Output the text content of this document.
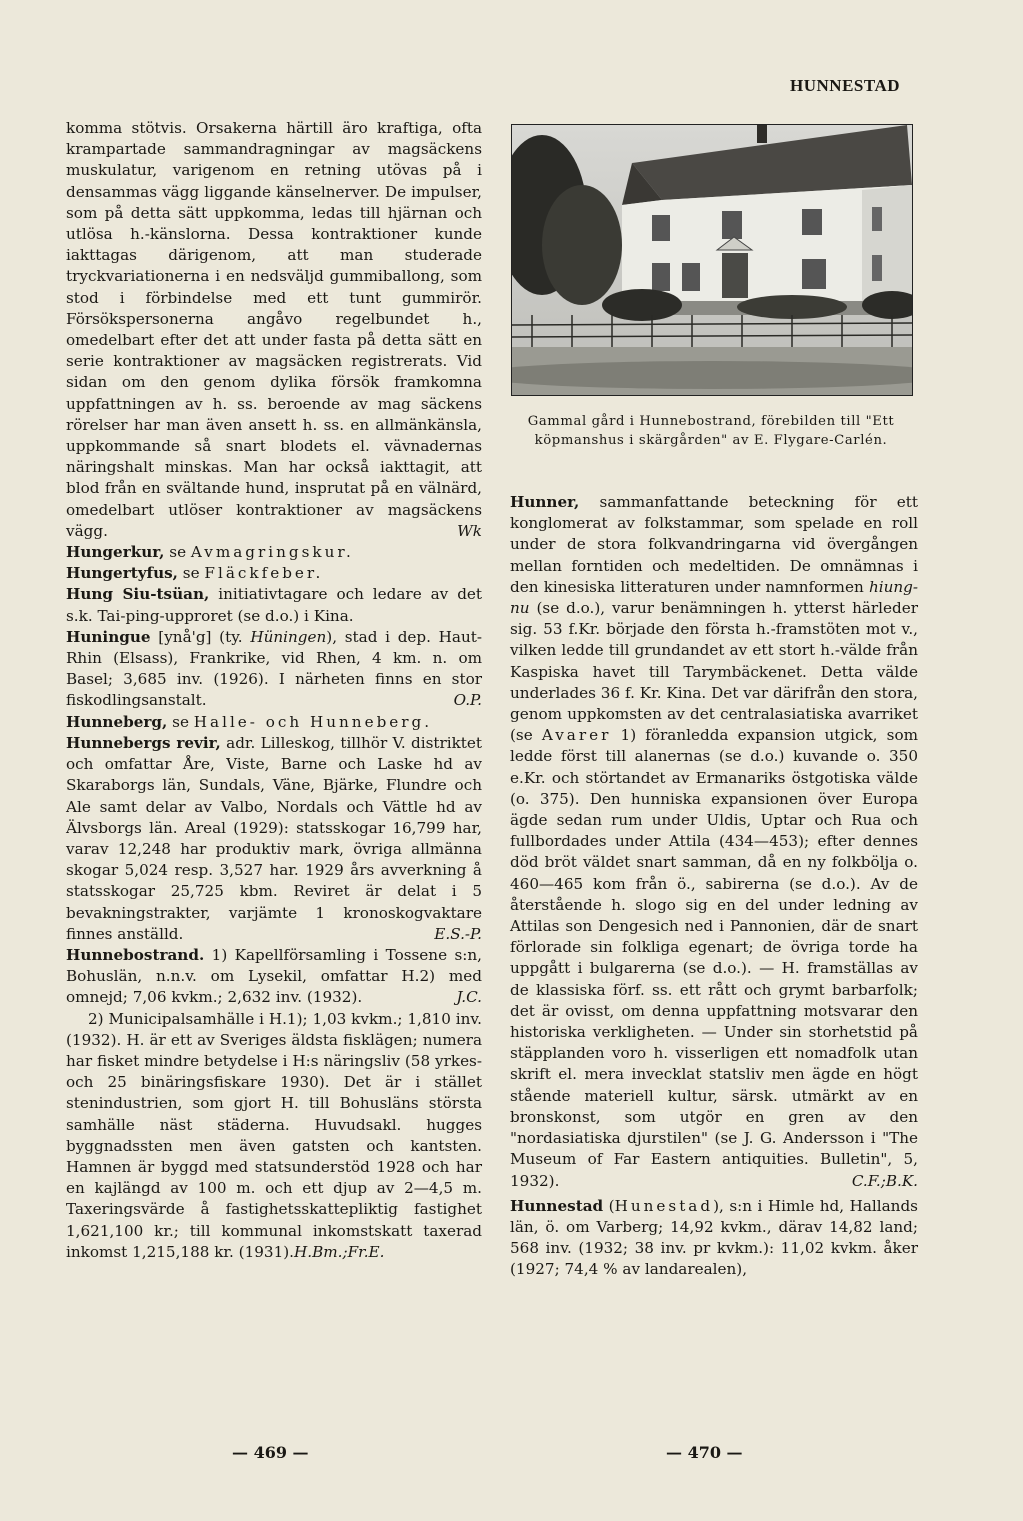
HUNNESTAD

komma stötvis. Orsakerna härtill äro kraftiga, ofta krampartade sammandragningar av magsäckens muskulatur, varigenom en retning utövas på i densammas vägg liggande känselnerver. De impulser, som på detta sätt uppkomma, ledas till hjärnan och utlösa h.-känslorna. Dessa kontraktioner kunde iakttagas därigenom, att man studerade tryckvariationerna i en nedsväljd gummiballong, som stod i förbindelse med ett tunt gummirör. Försökspersonerna angåvo regelbundet h., omedelbart efter det att under fasta på detta sätt en serie kontraktioner av magsäcken registrerats. Vid sidan om den genom dylika försök framkomna uppfattningen av h. ss. beroende av mag säckens rörelser har man även ansett h. ss. en allmänkänsla, uppkommande så snart blodets el. vävnadernas näringshalt minskas. Man har också iakttagit, att blod från en svältande hund, insprutat på en välnärd, omedelbart utlöser kontraktioner av magsäckens vägg.	Wk

Hungerkur, se Avmagringskur.

Hungertyfus, se Fläckfeber.

Hung Siu-tsüan, initiativtagare och ledare av det s.k. Tai-ping-upproret (se d.o.) i Kina.

Huningue [ynå'g] (ty. Hüningen), stad i dep. Haut-Rhin (Elsass), Frankrike, vid Rhen, 4 km. n. om Basel; 3,685 inv. (1926). I närheten finns en stor fiskodlingsanstalt.	O.P.

Hunneberg, se Halle- och Hunneberg.

Hunnebergs revir, adr. Lilleskog, tillhör V. distriktet och omfattar Åre, Viste, Barne och Laske hd av Skaraborgs län, Sundals, Väne, Bjärke, Flundre och Ale samt delar av Valbo, Nordals och Vättle hd av Älvsborgs län. Areal (1929): statsskogar 16,799 har, varav 12,248 har produktiv mark, övriga allmänna skogar 5,024 resp. 3,527 har. 1929 års avverkning å statsskogar 25,725 kbm. Reviret är delat i 5 bevakningstrakter, varjämte 1 kronoskogvaktare finnes anställd.	E.S.-P.

Hunnebostrand. 1) Kapellförsamling i Tossene s:n, Bohuslän, n.n.v. om Lysekil, omfattar H.2) med omnejd; 7,06 kvkm.; 2,632 inv. (1932).	J.C.

2) Municipalsamhälle i H.1); 1,03 kvkm.; 1,810 inv. (1932). H. är ett av Sveriges äldsta fisklägen; numera har fisket mindre betydelse i H:s näringsliv (58 yrkes- och 25 binäringsfiskare 1930). Det är i stället stenindustrien, som gjort H. till Bohusläns största samhälle näst städerna. Huvudsakl. hugges byggnadssten men även gatsten och kantsten. Hamnen är byggd med statsunderstöd 1928 och har en kajlängd av 100 m. och ett djup av 2—4,5 m. Taxeringsvärde å fastighetsskattepliktig fastighet 1,621,100 kr.; till kommunal inkomstskatt taxerad inkomst 1,215,188 kr. (1931).H.Bm.;Fr.E.

Gammal gård i Hunnebostrand, förebilden till "Ett köpmanshus i skärgården" av E. Flygare-Carlén.

Hunner, sammanfattande beteckning för ett konglomerat av folkstammar, som spelade en roll under de stora folkvandringarna vid övergången mellan forntiden och medeltiden. De omnämnas i den kinesiska litteraturen under namnformen hiung-nu (se d.o.), varur benämningen h. ytterst härleder sig. 53 f.Kr. började den första h.-framstöten mot v., vilken ledde till grundandet av ett stort h.-välde från Kaspiska havet till Tarymbäckenet. Detta välde underlades 36 f. Kr. Kina. Det var därifrån den stora, genom uppkomsten av det centralasiatiska avarriket (se Avarer 1) föranledda expansion utgick, som ledde först till alanernas (se d.o.) kuvande o. 350 e.Kr. och störtandet av Ermanariks östgotiska välde (o. 375). Den hunniska expansionen över Europa ägde sedan rum under Uldis, Uptar och Rua och fullbordades under Attila (434—453); efter dennes död bröt väldet snart samman, då en ny folkbölja o. 460—465 kom från ö., sabirerna (se d.o.). Av de återstående h. slogo sig en del under ledning av Attilas son Dengesich ned i Pannonien, där de snart förlorade sin folkliga egenart; de övriga torde ha uppgått i bulgarerna (se d.o.). — H. framställas av de klassiska förf. ss. ett rått och grymt barbarfolk; det är ovisst, om denna uppfattning motsvarar den historiska verkligheten. — Under sin storhetstid på stäpplanden voro h. visserligen ett nomadfolk utan skrift el. mera invecklat statsliv men ägde en högt stående materiell kultur, särsk. utmärkt av en bronskonst, som utgör en gren av den "nordasiatiska djurstilen" (se J. G. Andersson i "The Museum of Far Eastern antiquities. Bulletin", 5, 1932).	C.F.;B.K.

Hunnestad (Hunestad), s:n i Himle hd, Hallands län, ö. om Varberg; 14,92 kvkm., därav 14,82 land; 568 inv. (1932; 38 inv. pr kvkm.): 11,02 kvkm. åker (1927; 74,4 % av landarealen),

— 469 —	— 470 —
